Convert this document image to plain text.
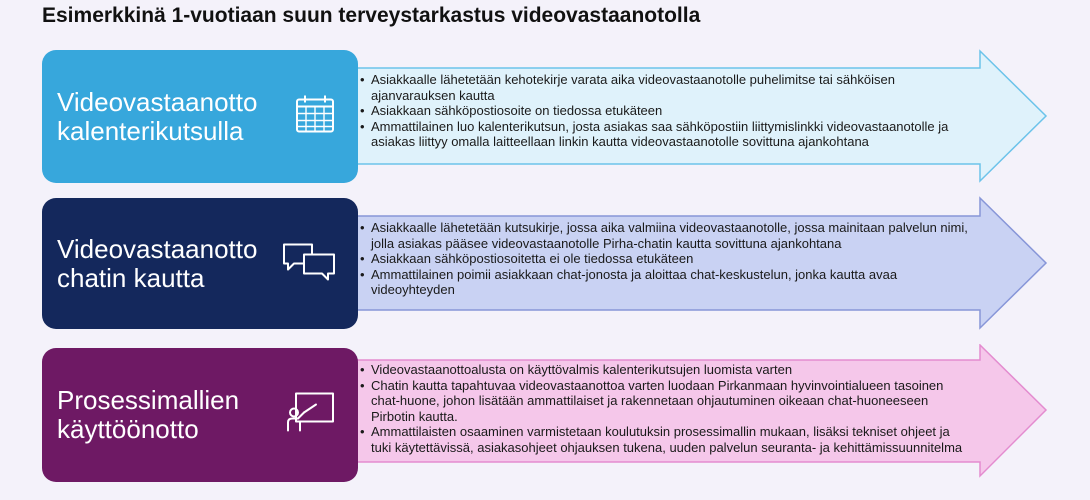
Esimerkkinä 1-vuotiaan suun terveystarkastus videovastaanotolla
Videovastaanotto
kalenterikutsulla
• Asiakkaalle lähetetään kehotekirje varata aika videovastaanotolle puhelimitse tai sähköisen
ajanvarauksen kautta
• Asiakkaan sähköpostiosoite on tiedossa etukäteen
• Ammattilainen luo kalenterikutsun, josta asiakas saa sähköpostiin liittymislinkki videovastaanotolle ja
asiakas liittyy omalla laitteellaan linkin kautta videovastaanotolle sovittuna ajankohtana
Videovastaanotto
chatin kautta
• Asiakkaalle lähetetään kutsukirje, jossa aika valmiina videovastaanotolle, jossa mainitaan palvelun nimi,
jolla asiakas pääsee videovastaanotolle Pirha-chatin kautta sovittuna ajankohtana
• Asiakkaan sähköpostiosoitetta ei ole tiedossa etukäteen
• Ammattilainen poimii asiakkaan chat-jonosta ja aloittaa chat-keskustelun, jonka kautta avaa
videoyhteyden
Prosessimallien
käyttöönotto
• Videovastaanottoalusta on käyttövalmis kalenterikutsujen luomista varten
• Chatin kautta tapahtuvaa videovastaanottoa varten luodaan Pirkanmaan hyvinvointialueen tasoinen
chat-huone, johon lisätään ammattilaiset ja rakennetaan ohjautuminen oikeaan chat-huoneeseen
Pirbotin kautta.
• Ammattilaisten osaaminen varmistetaan koulutuksin prosessimallin mukaan, lisäksi tekniset ohjeet ja
tuki käytettävissä, asiakasohjeet ohjauksen tukena, uuden palvelun seuranta- ja kehittämissuunnitelma
